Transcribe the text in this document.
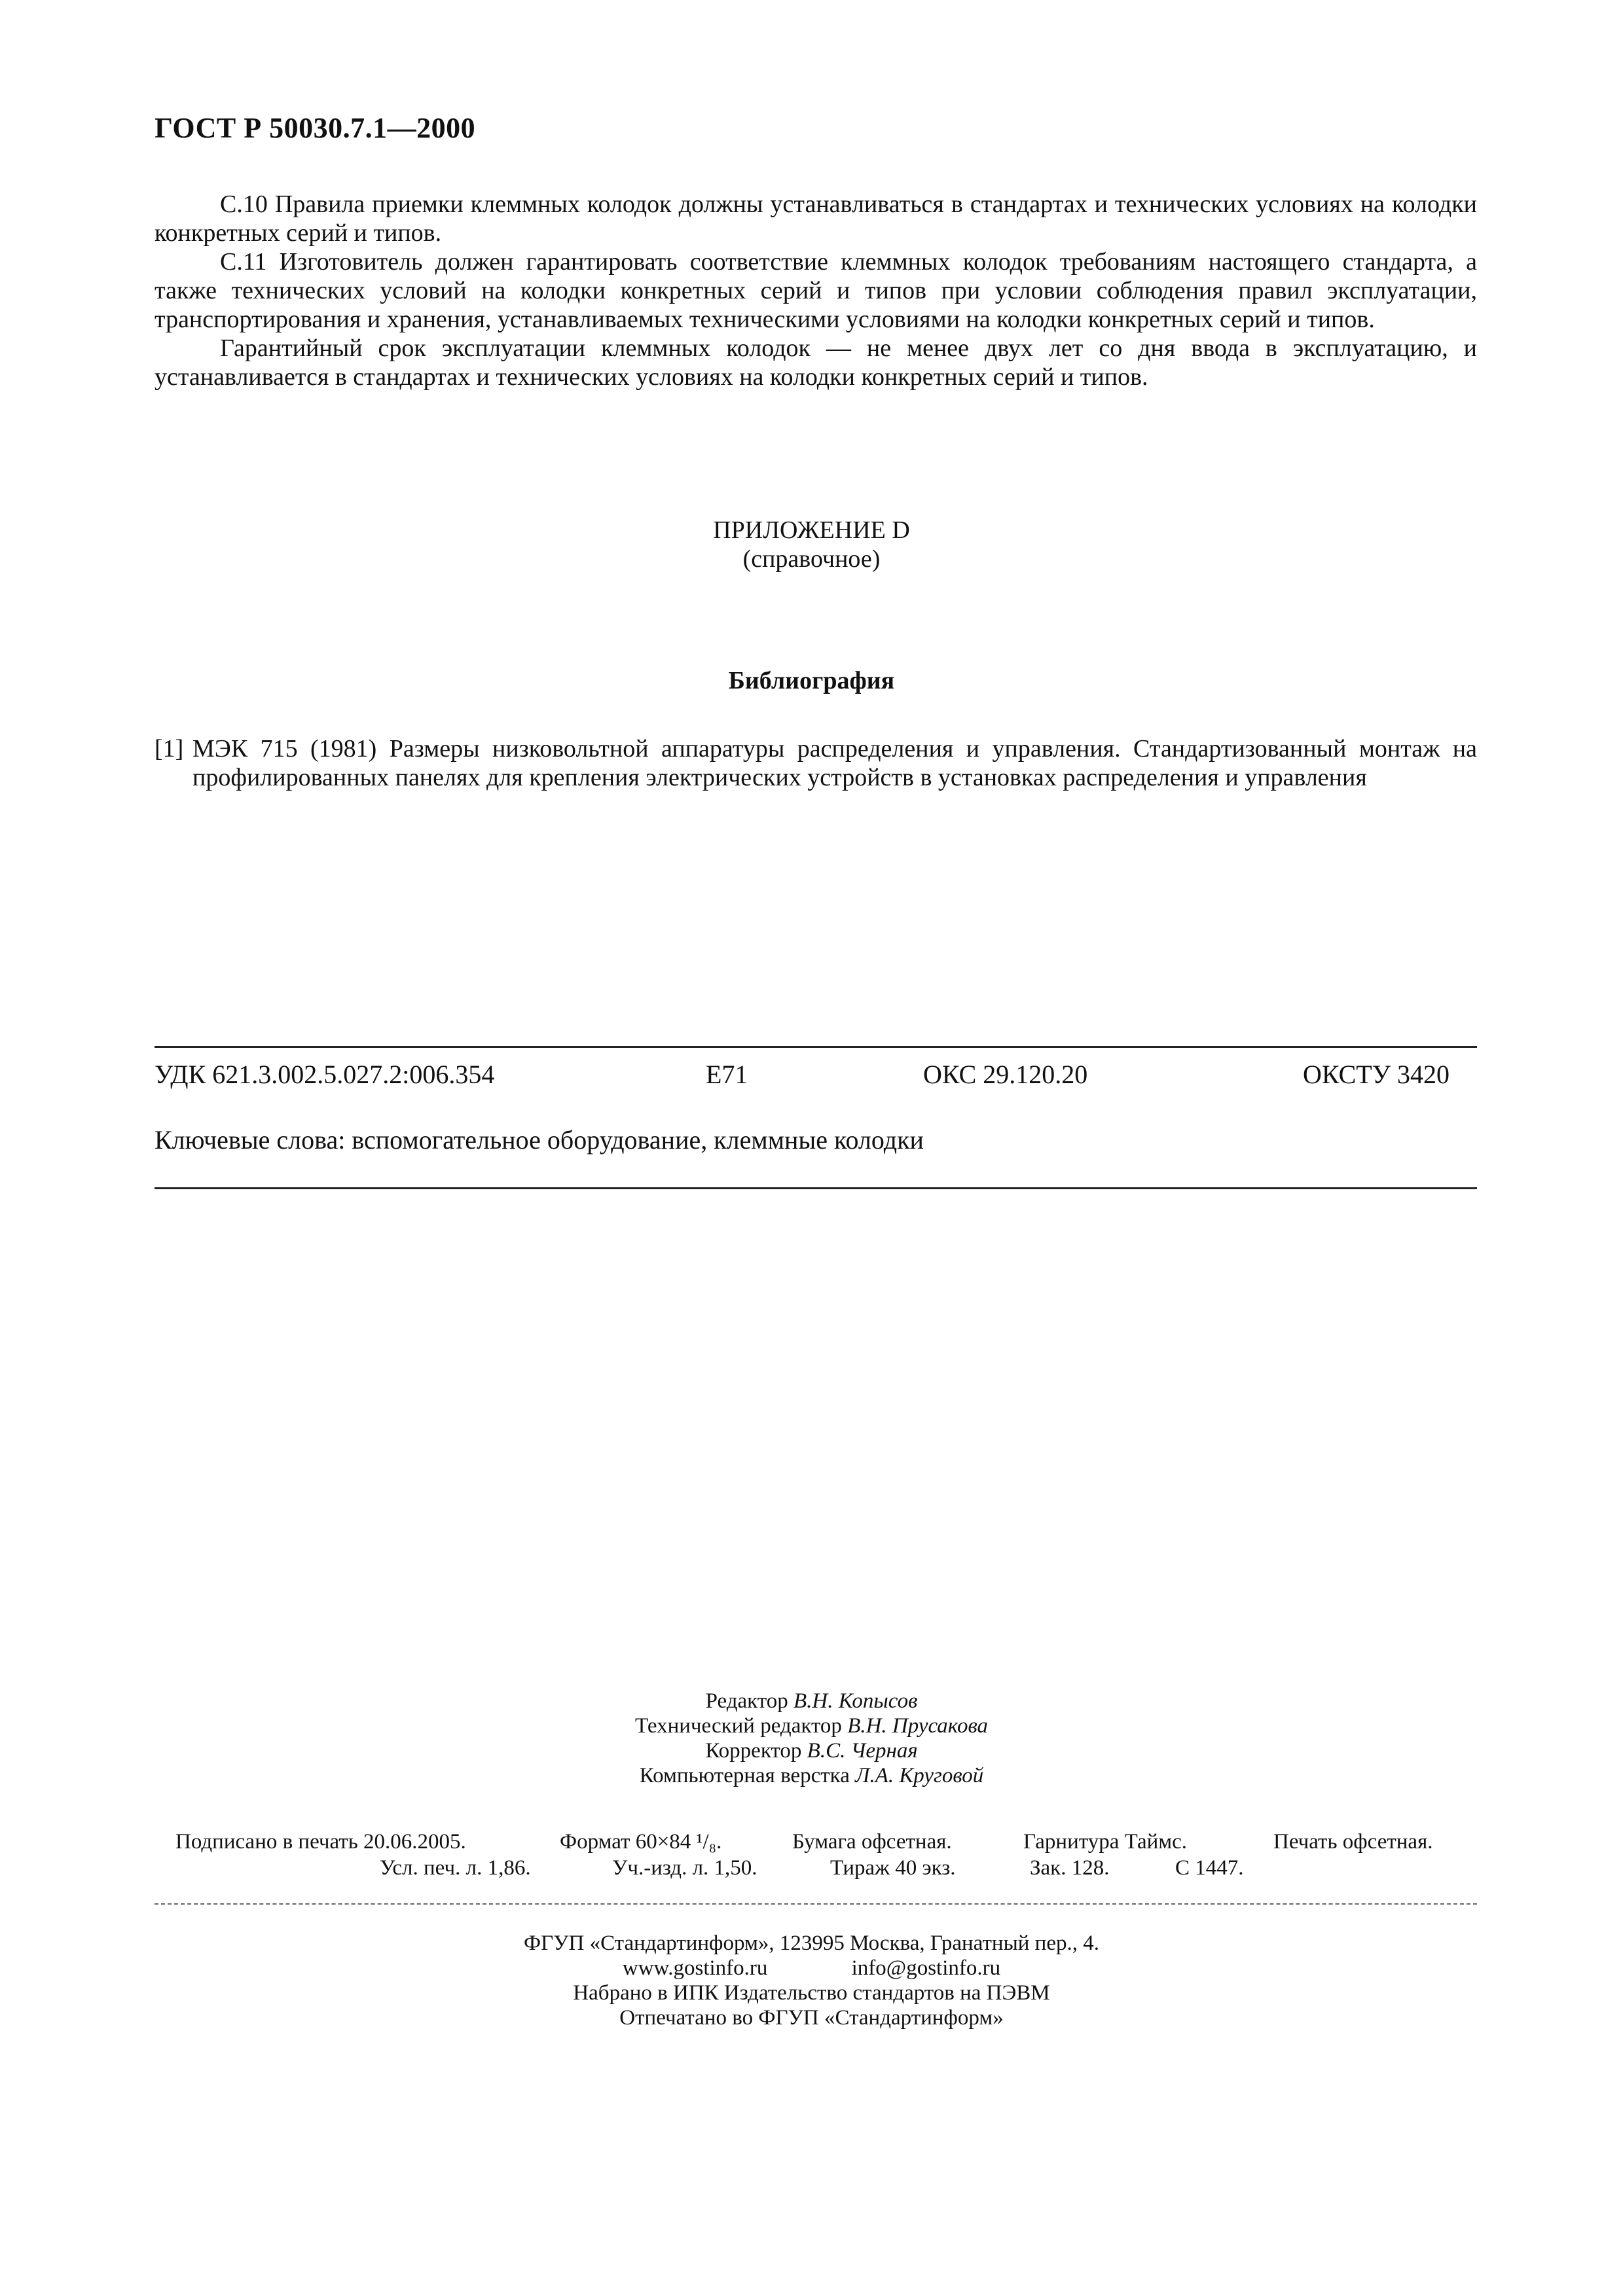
ГОСТ Р 50030.7.1—2000

C.10 Правила приемки клеммных колодок должны устанавливаться в стандартах и технических условиях на колодки конкретных серий и типов.

C.11 Изготовитель должен гарантировать соответствие клеммных колодок требованиям настоящего стандарта, а также технических условий на колодки конкретных серий и типов при условии соблюдения правил эксплуатации, транспортирования и хранения, устанавливаемых техническими условиями на колодки конкретных серий и типов.

Гарантийный срок эксплуатации клеммных колодок — не менее двух лет со дня ввода в эксплуатацию, и устанавливается в стандартах и технических условиях на колодки конкретных серий и типов.

ПРИЛОЖЕНИЕ D
(справочное)
Библиография
[1] МЭК 715 (1981) Размеры низковольтной аппаратуры распределения и управления. Стандартизованный монтаж на профилированных панелях для крепления электрических устройств в установках распределения и управления
УДК 621.3.002.5.027.2:006.354	Е71	ОКС 29.120.20	ОКСТУ 3420
Ключевые слова: вспомогательное оборудование, клеммные колодки
Редактор В.Н. Копысов
Технический редактор В.Н. Прусакова
Корректор В.С. Черная
Компьютерная верстка Л.А. Круговой
Подписано в печать 20.06.2005.	Формат 60×84 ¹/₈.	Бумага офсетная.	Гарнитура Таймс.	Печать офсетная.
Усл. печ. л. 1,86.	Уч.-изд. л. 1,50.	Тираж 40 экз.	Зак. 128.	С 1447.
ФГУП «Стандартинформ», 123995 Москва, Гранатный пер., 4.
www.gostinfo.ru	info@gostinfo.ru
Набрано в ИПК Издательство стандартов на ПЭВМ
Отпечатано во ФГУП «Стандартинформ»
